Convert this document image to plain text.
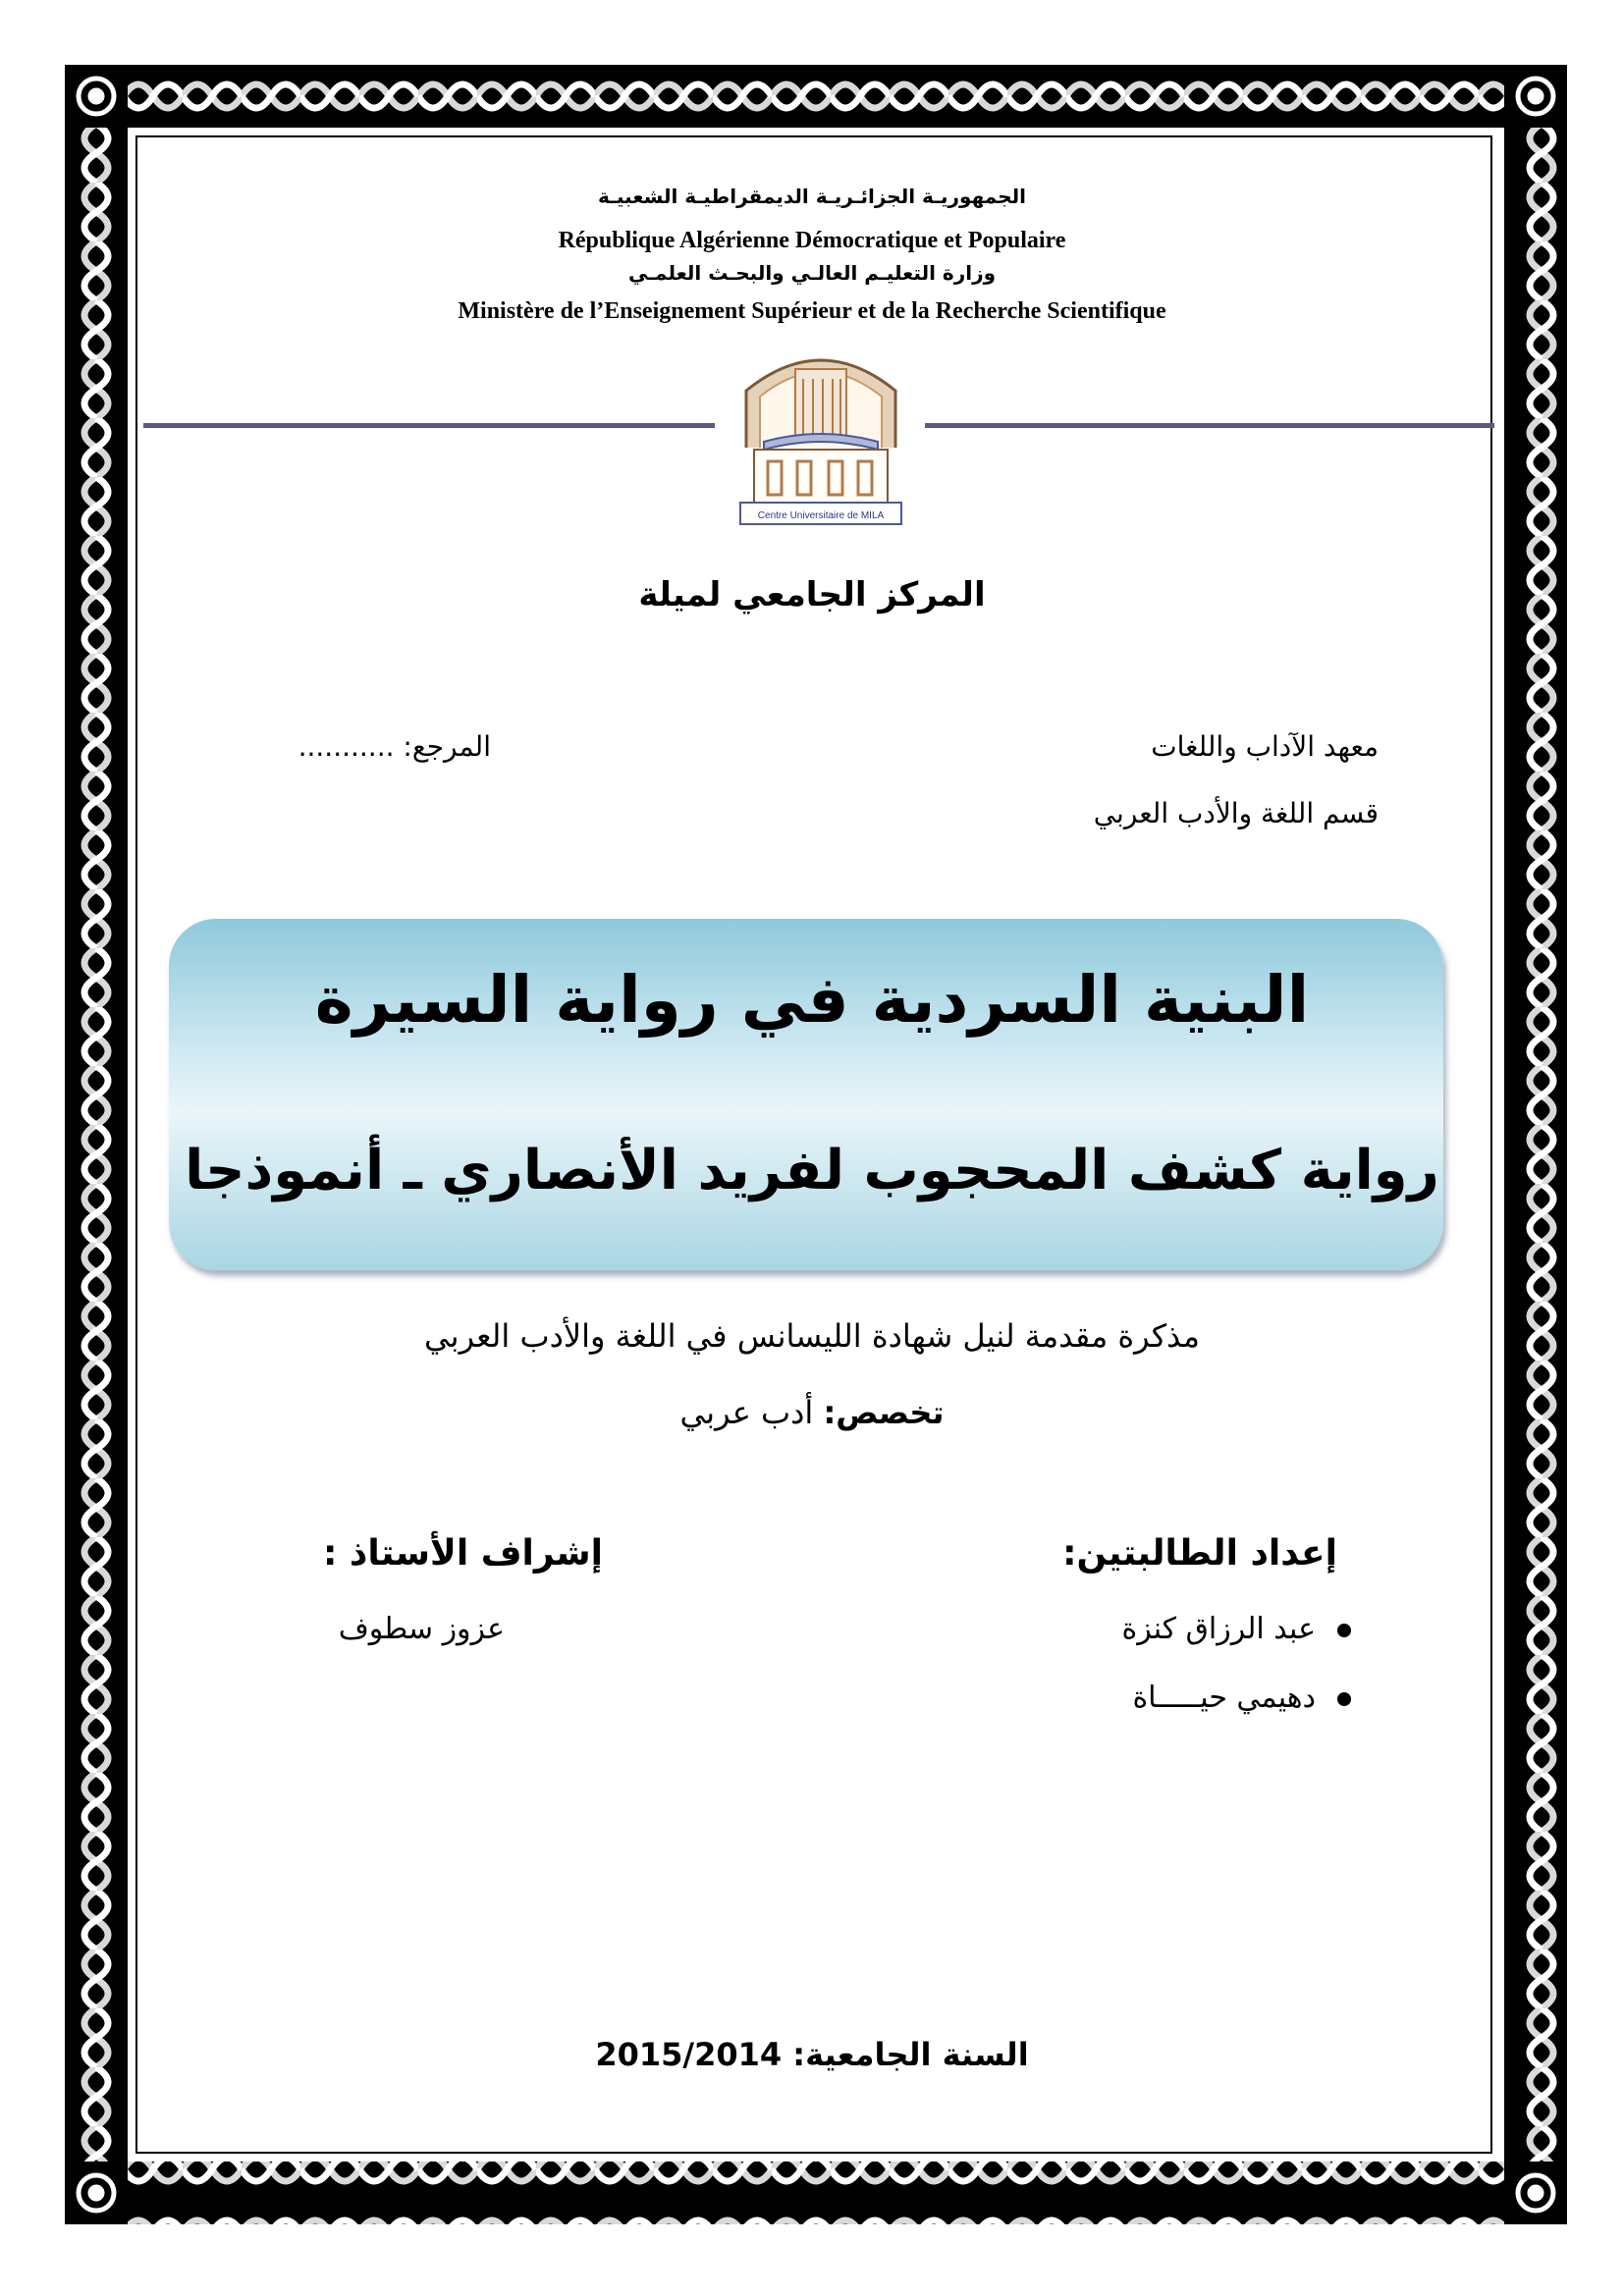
الجمهوريـة الجزائـريـة الديمقراطيـة الشعبيـة
République Algérienne Démocratique et Populaire
وزارة التعليـم العالـي والبحـث العلمـي
Ministère de l’Enseignement Supérieur et de la Recherche Scientifique
Centre Universitaire de MILA
المركز الجامعي لميلة
معهد الآداب واللغات
قسم اللغة والأدب العربي
المرجع: ...........
البنية السردية في رواية السيرة
رواية كشف المحجوب لفريد الأنصاري ـ أنموذجا
مذكرة مقدمة لنيل شهادة الليسانس في اللغة والأدب العربي
تخصص: أدب عربي
إعداد الطالبتين:
عبد الرزاق كنزة
دهيمي حيـــــاة
إشراف الأستاذ :
عزوز سطوف
السنة الجامعية: 2015/2014
